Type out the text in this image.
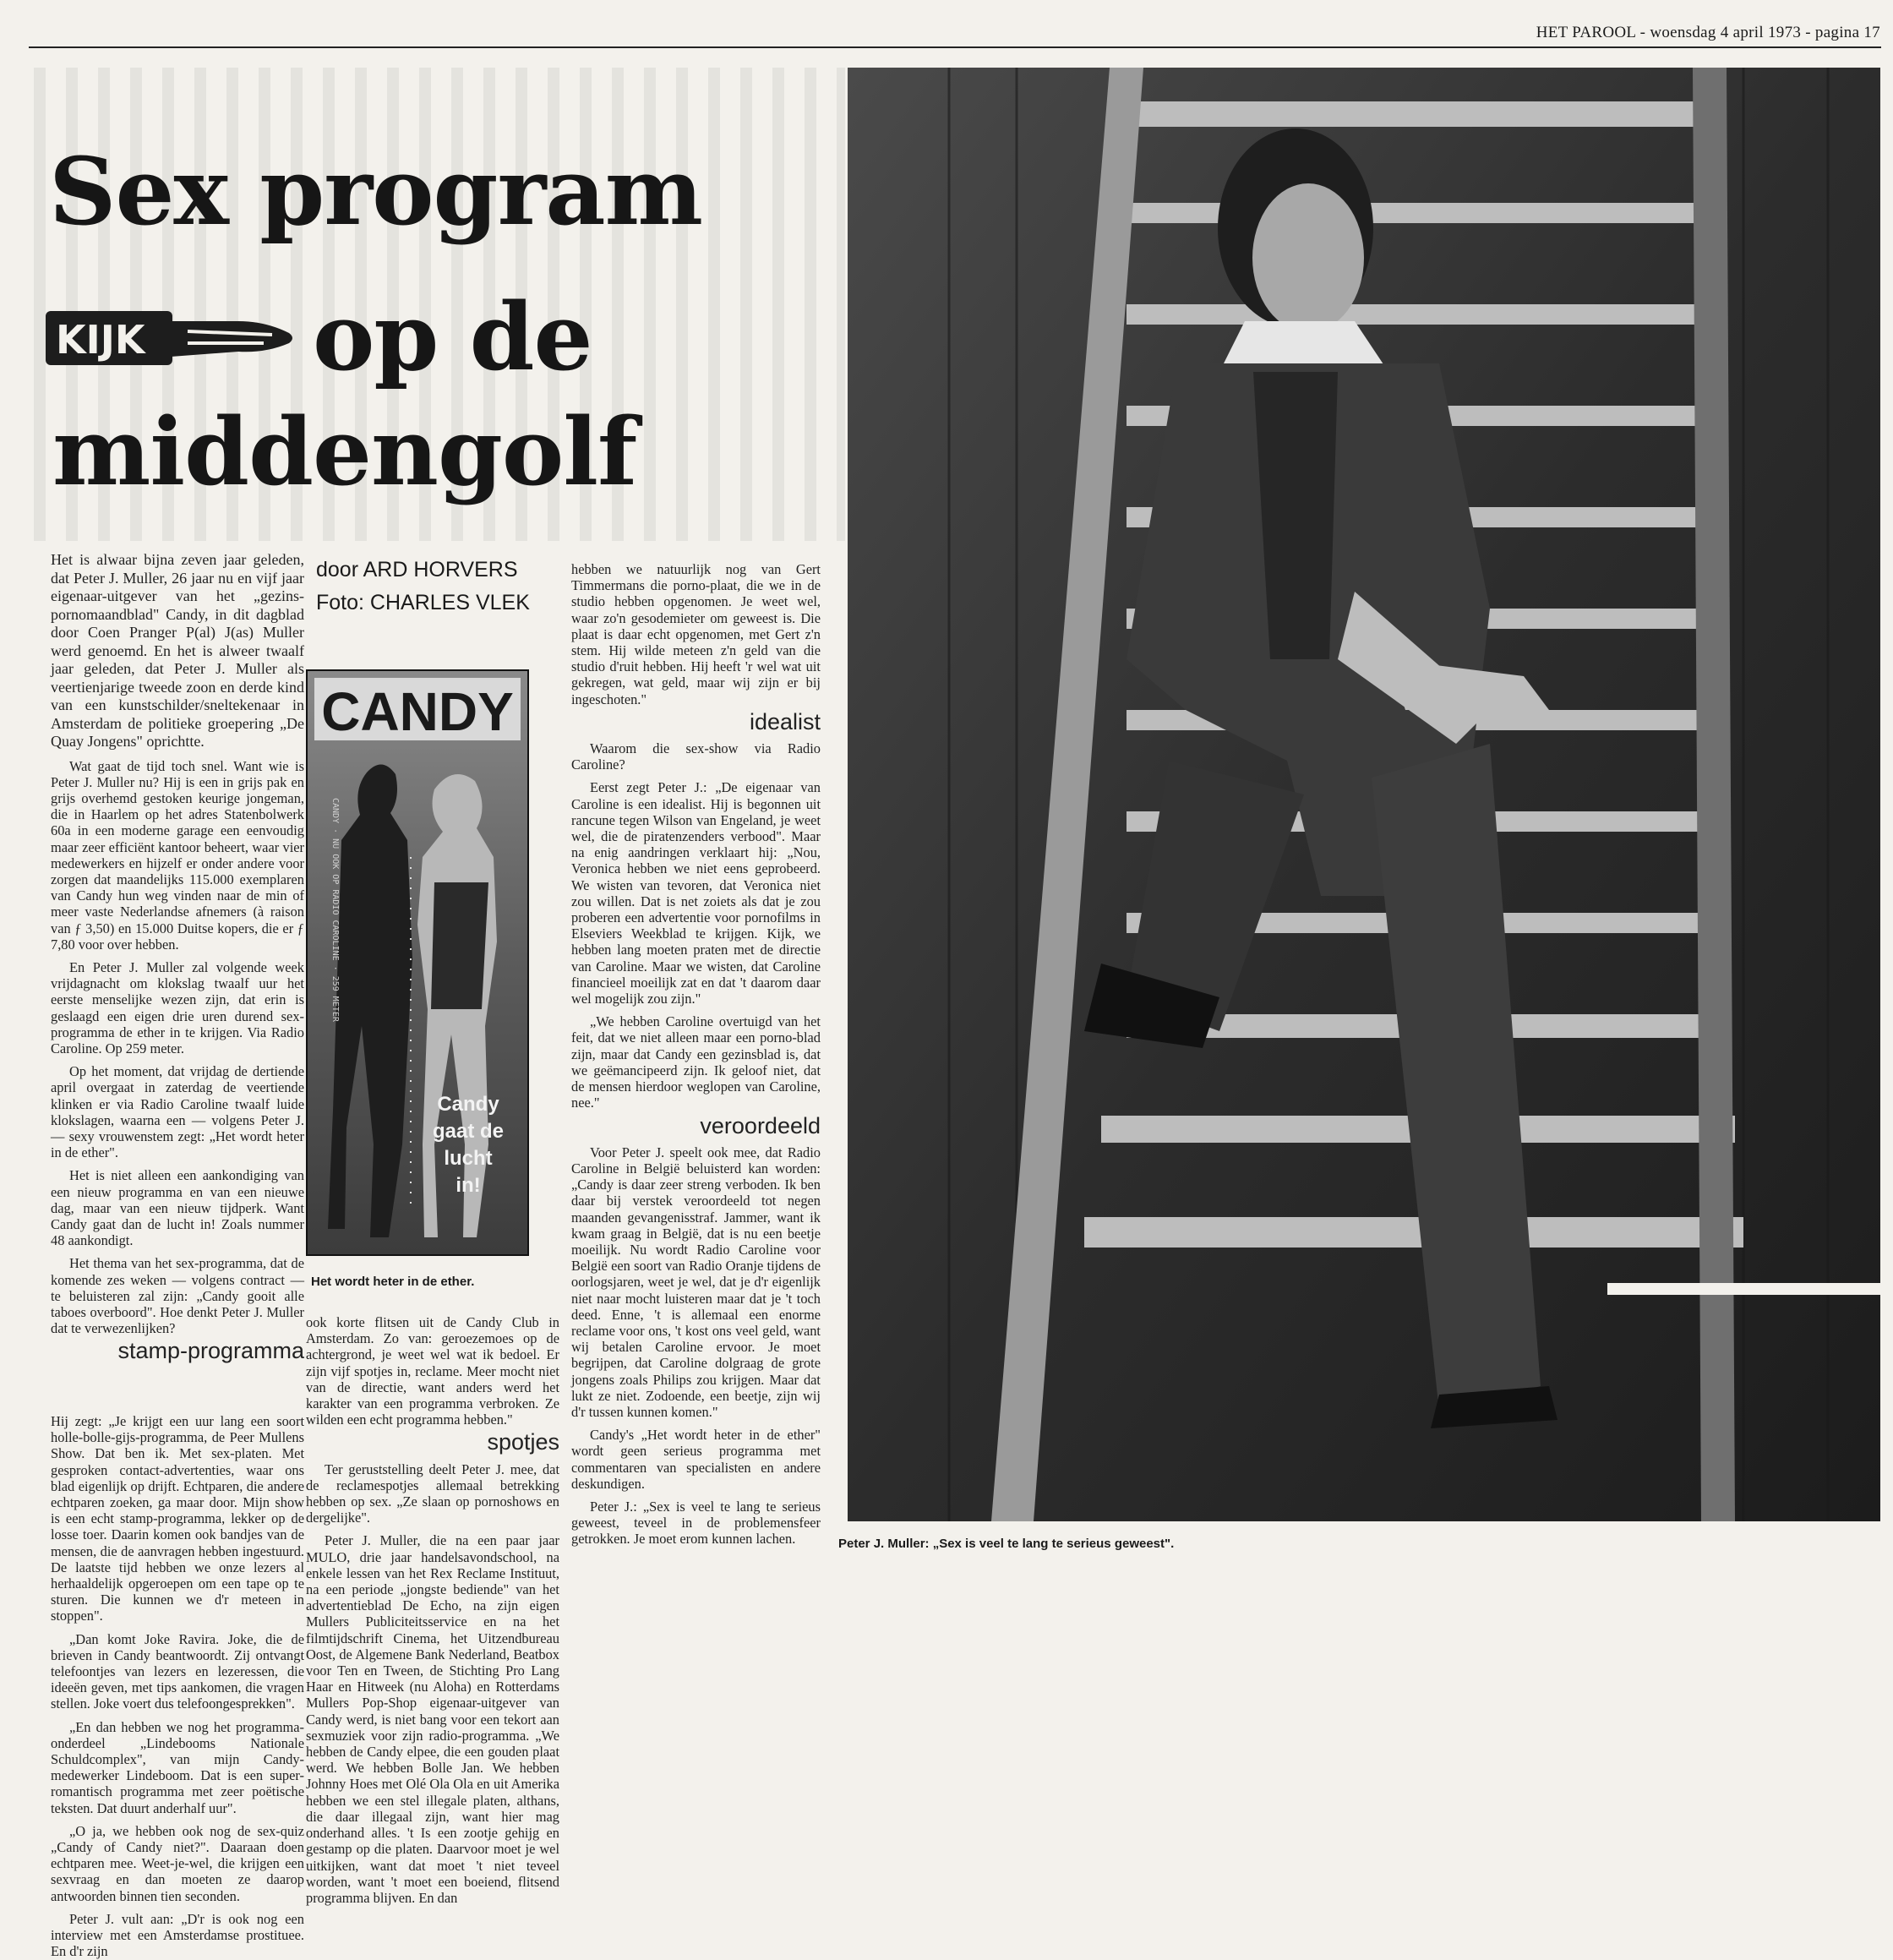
HET PAROOL - woensdag 4 april 1973 - pagina 17
Sex program
KIJK op de
middengolf

Het is alwaar bijna zeven jaar geleden, dat Peter J. Muller, 26 jaar nu en vijf jaar eigenaar-uitgever van het „gezins-pornomaandblad" Candy, in dit dagblad door Coen Pranger P(al) J(as) Muller werd genoemd. En het is alweer twaalf jaar geleden, dat Peter J. Muller als veertienjarige tweede zoon en derde kind van een kunstschilder/sneltekenaar in Amsterdam de politieke groepering „De Quay Jongens" oprichtte.

Wat gaat de tijd toch snel. Want wie is Peter J. Muller nu? Hij is een in grijs pak en grijs overhemd gestoken keurige jongeman, die in Haarlem op het adres Statenbolwerk 60a in een moderne garage een eenvoudig maar zeer efficiënt kantoor beheert, waar vier medewerkers en hijzelf er onder andere voor zorgen dat maandelijks 115.000 exemplaren van Candy hun weg vinden naar de min of meer vaste Nederlandse afnemers (à raison van ƒ 3,50) en 15.000 Duitse kopers, die er ƒ 7,80 voor over hebben.

En Peter J. Muller zal volgende week vrijdagnacht om klokslag twaalf uur het eerste menselijke wezen zijn, dat erin is geslaagd een eigen drie uren durend sex-programma de ether in te krijgen. Via Radio Caroline. Op 259 meter.

Op het moment, dat vrijdag de dertiende april overgaat in zaterdag de veertiende klinken er via Radio Caroline twaalf luide klokslagen, waarna een — volgens Peter J. — sexy vrouwenstem zegt: „Het wordt heter in de ether".

Het is niet alleen een aankondiging van een nieuw programma en van een nieuwe dag, maar van een nieuw tijdperk. Want Candy gaat dan de lucht in! Zoals nummer 48 aankondigt.

Het thema van het sex-programma, dat de komende zes weken — volgens contract — te beluisteren zal zijn: „Candy gooit alle taboes overboord". Hoe denkt Peter J. Muller dat te verwezenlijken?

stamp-programma

Hij zegt: „Je krijgt een uur lang een soort holle-bolle-gijs-programma, de Peer Mullens Show. Dat ben ik. Met sex-platen. Met gesproken contact-advertenties, waar ons blad eigenlijk op drijft. Echtparen, die andere echtparen zoeken, ga maar door. Mijn show is een echt stamp-programma, lekker op de losse toer. Daarin komen ook bandjes van de mensen, die de aanvragen hebben ingestuurd. De laatste tijd hebben we onze lezers al herhaaldelijk opgeroepen om een tape op te sturen. Die kunnen we d'r meteen in stoppen".

„Dan komt Joke Ravira. Joke, die de brieven in Candy beantwoordt. Zij ontvangt telefoontjes van lezers en lezeressen, die ideeën geven, met tips aankomen, die vragen stellen. Joke voert dus telefoongesprekken".

„En dan hebben we nog het programma-onderdeel „Lindebooms Nationale Schuldcomplex", van mijn Candy-medewerker Lindeboom. Dat is een super-romantisch programma met zeer poëtische teksten. Dat duurt anderhalf uur".

„O ja, we hebben ook nog de sex-quiz „Candy of Candy niet?". Daaraan doen echtparen mee. Weet-je-wel, die krijgen een sexvraag en dan moeten ze daarop antwoorden binnen tien seconden.

Peter J. vult aan: „D'r is ook nog een interview met een Amsterdamse prostituee. En d'r zijn

door ARD HORVERS
Foto: CHARLES VLEK
CANDY
CANDY · NU OOK OP RADIO CAROLINE · 259 METER
Candy
gaat de
lucht
in!
Het wordt heter in de ether.

ook korte flitsen uit de Candy Club in Amsterdam. Zo van: geroezemoes op de achtergrond, je weet wel wat ik bedoel. Er zijn vijf spotjes in, reclame. Meer mocht niet van de directie, want anders werd het karakter van een programma verbroken. Ze wilden een echt programma hebben."

spotjes

Ter geruststelling deelt Peter J. mee, dat de reclamespotjes allemaal betrekking hebben op sex. „Ze slaan op pornoshows en dergelijke".

Peter J. Muller, die na een paar jaar MULO, drie jaar handelsavondschool, na enkele lessen van het Rex Reclame Instituut, na een periode „jongste bediende" van het advertentieblad De Echo, na zijn eigen Mullers Publiciteitsservice en na het filmtijdschrift Cinema, het Uitzendbureau Oost, de Algemene Bank Nederland, Beatbox voor Ten en Tween, de Stichting Pro Lang Haar en Hitweek (nu Aloha) en Rotterdams Mullers Pop-Shop eigenaar-uitgever van Candy werd, is niet bang voor een tekort aan sexmuziek voor zijn radio-programma. „We hebben de Candy elpee, die een gouden plaat werd. We hebben Bolle Jan. We hebben Johnny Hoes met Olé Ola Ola en uit Amerika hebben we een stel illegale platen, althans, die daar illegaal zijn, want hier mag onderhand alles. 't Is een zootje gehijg en gestamp op die platen. Daarvoor moet je wel uitkijken, want dat moet 't niet teveel worden, want 't moet een boeiend, flitsend programma blijven. En dan

hebben we natuurlijk nog van Gert Timmermans die porno-plaat, die we in de studio hebben opgenomen. Je weet wel, waar zo'n gesodemieter om geweest is. Die plaat is daar echt opgenomen, met Gert z'n stem. Hij wilde meteen z'n geld van die studio d'ruit hebben. Hij heeft 'r wel wat uit gekregen, wat geld, maar wij zijn er bij ingeschoten."

idealist

Waarom die sex-show via Radio Caroline?

Eerst zegt Peter J.: „De eigenaar van Caroline is een idealist. Hij is begonnen uit rancune tegen Wilson van Engeland, je weet wel, die de piratenzenders verbood". Maar na enig aandringen verklaart hij: „Nou, Veronica hebben we niet eens geprobeerd. We wisten van tevoren, dat Veronica niet zou willen. Dat is net zoiets als dat je zou proberen een advertentie voor pornofilms in Elseviers Weekblad te krijgen. Kijk, we hebben lang moeten praten met de directie van Caroline. Maar we wisten, dat Caroline financieel moeilijk zat en dat 't daarom daar wel mogelijk zou zijn."

„We hebben Caroline overtuigd van het feit, dat we niet alleen maar een porno-blad zijn, maar dat Candy een gezinsblad is, dat we geëmancipeerd zijn. Ik geloof niet, dat de mensen hierdoor weglopen van Caroline, nee."

veroordeeld

Voor Peter J. speelt ook mee, dat Radio Caroline in België beluisterd kan worden: „Candy is daar zeer streng verboden. Ik ben daar bij verstek veroordeeld tot negen maanden gevangenisstraf. Jammer, want ik kwam graag in België, dat is nu een beetje moeilijk. Nu wordt Radio Caroline voor België een soort van Radio Oranje tijdens de oorlogsjaren, weet je wel, dat je d'r eigenlijk niet naar mocht luisteren maar dat je 't toch deed. Enne, 't is allemaal een enorme reclame voor ons, 't kost ons veel geld, want wij betalen Caroline ervoor. Je moet begrijpen, dat Caroline dolgraag de grote jongens zoals Philips zou krijgen. Maar dat lukt ze niet. Zodoende, een beetje, zijn wij d'r tussen kunnen komen."

Candy's „Het wordt heter in de ether" wordt geen serieus programma met commentaren van specialisten en andere deskundigen.

Peter J.: „Sex is veel te lang te serieus geweest, teveel in de problemensfeer getrokken. Je moet erom kunnen lachen.	Peter J. Muller: „Sex is veel te lang te serieus geweest".
